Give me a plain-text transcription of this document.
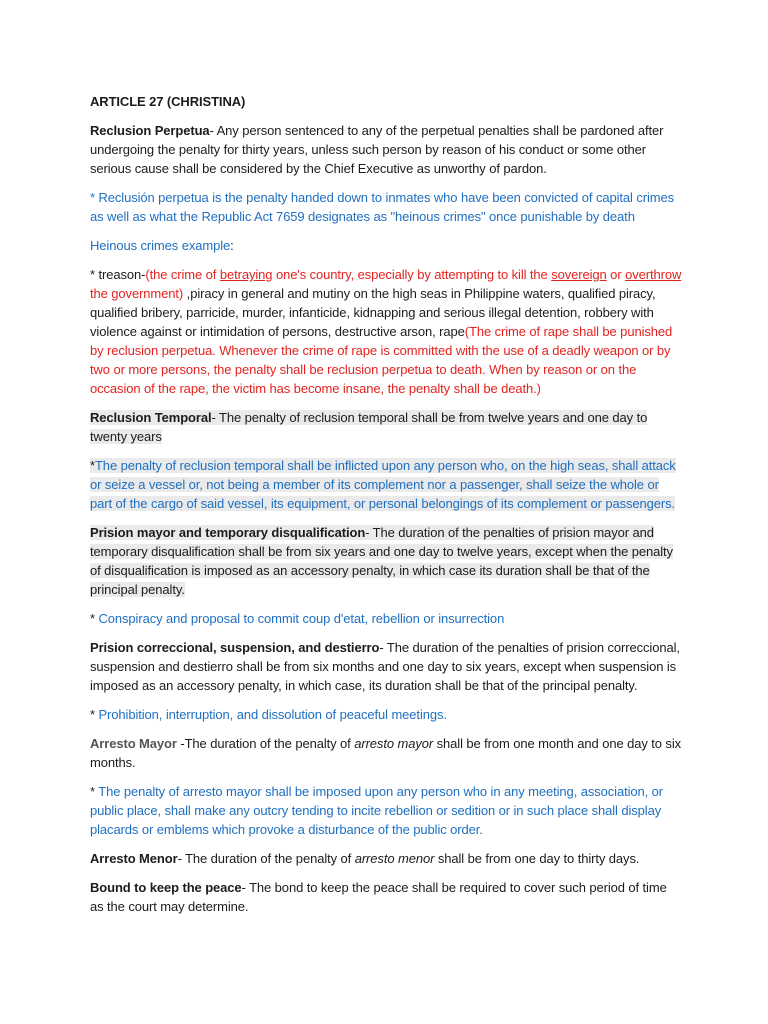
ARTICLE 27 (CHRISTINA)

Reclusion Perpetua- Any person sentenced to any of the perpetual penalties shall be pardoned after undergoing the penalty for thirty years, unless such person by reason of his conduct or some other serious cause shall be considered by the Chief Executive as unworthy of pardon.

* Reclusión perpetua is the penalty handed down to inmates who have been convicted of capital crimes as well as what the Republic Act 7659 designates as "heinous crimes" once punishable by death

Heinous crimes example:

* treason-(the crime of betraying one's country, especially by attempting to kill the sovereign or overthrow the government) ,piracy in general and mutiny on the high seas in Philippine waters, qualified piracy, qualified bribery, parricide, murder, infanticide, kidnapping and serious illegal detention, robbery with violence against or intimidation of persons, destructive arson, rape(The crime of rape shall be punished by reclusion perpetua. Whenever the crime of rape is committed with the use of a deadly weapon or by two or more persons, the penalty shall be reclusion perpetua to death. When by reason or on the occasion of the rape, the victim has become insane, the penalty shall be death.)

Reclusion Temporal- The penalty of reclusion temporal shall be from twelve years and one day to twenty years

*The penalty of reclusion temporal shall be inflicted upon any person who, on the high seas, shall attack or seize a vessel or, not being a member of its complement nor a passenger, shall seize the whole or part of the cargo of said vessel, its equipment, or personal belongings of its complement or passengers.

Prision mayor and temporary disqualification- The duration of the penalties of prision mayor and temporary disqualification shall be from six years and one day to twelve years, except when the penalty of disqualification is imposed as an accessory penalty, in which case its duration shall be that of the principal penalty.

* Conspiracy and proposal to commit coup d'etat, rebellion or insurrection

Prision correccional, suspension, and destierro- The duration of the penalties of prision correccional, suspension and destierro shall be from six months and one day to six years, except when suspension is imposed as an accessory penalty, in which case, its duration shall be that of the principal penalty.

* Prohibition, interruption, and dissolution of peaceful meetings.

Arresto Mayor -The duration of the penalty of arresto mayor shall be from one month and one day to six months.

* The penalty of arresto mayor shall be imposed upon any person who in any meeting, association, or public place, shall make any outcry tending to incite rebellion or sedition or in such place shall display placards or emblems which provoke a disturbance of the public order.

Arresto Menor- The duration of the penalty of arresto menor shall be from one day to thirty days.

Bound to keep the peace- The bond to keep the peace shall be required to cover such period of time as the court may determine.
